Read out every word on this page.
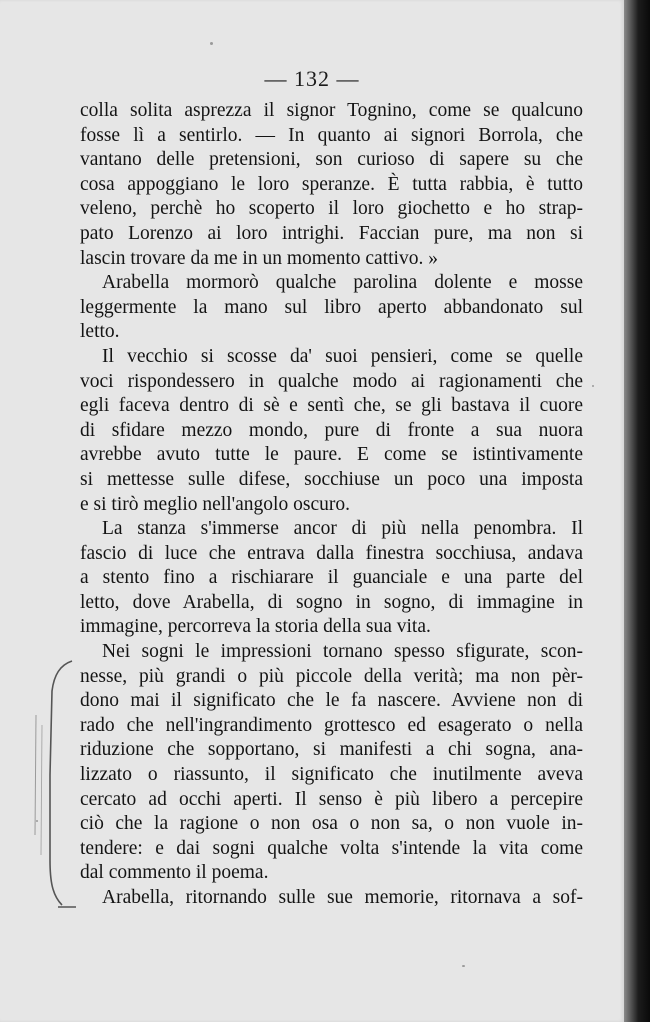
— 132 —
colla solita asprezza il signor Tognino, come se qualcuno
fosse lì a sentirlo. — In quanto ai signori Borrola, che
vantano delle pretensioni, son curioso di sapere su che
cosa appoggiano le loro speranze. È tutta rabbia, è tutto
veleno, perchè ho scoperto il loro giochetto e ho strap-
pato Lorenzo ai loro intrighi. Faccian pure, ma non si
lascin trovare da me in un momento cattivo. »
Arabella mormorò qualche parolina dolente e mosse
leggermente la mano sul libro aperto abbandonato sul
letto.
Il vecchio si scosse da' suoi pensieri, come se quelle
voci rispondessero in qualche modo ai ragionamenti che
egli faceva dentro di sè e sentì che, se gli bastava il cuore
di sfidare mezzo mondo, pure di fronte a sua nuora
avrebbe avuto tutte le paure. E come se istintivamente
si mettesse sulle difese, socchiuse un poco una imposta
e si tirò meglio nell'angolo oscuro.
La stanza s'immerse ancor di più nella penombra. Il
fascio di luce che entrava dalla finestra socchiusa, andava
a stento fino a rischiarare il guanciale e una parte del
letto, dove Arabella, di sogno in sogno, di immagine in
immagine, percorreva la storia della sua vita.
Nei sogni le impressioni tornano spesso sfigurate, scon-
nesse, più grandi o più piccole della verità; ma non pèr-
dono mai il significato che le fa nascere. Avviene non di
rado che nell'ingrandimento grottesco ed esagerato o nella
riduzione che sopportano, si manifesti a chi sogna, ana-
lizzato o riassunto, il significato che inutilmente aveva
cercato ad occhi aperti. Il senso è più libero a percepire
ciò che la ragione o non osa o non sa, o non vuole in-
tendere: e dai sogni qualche volta s'intende la vita come
dal commento il poema.
Arabella, ritornando sulle sue memorie, ritornava a sof-
